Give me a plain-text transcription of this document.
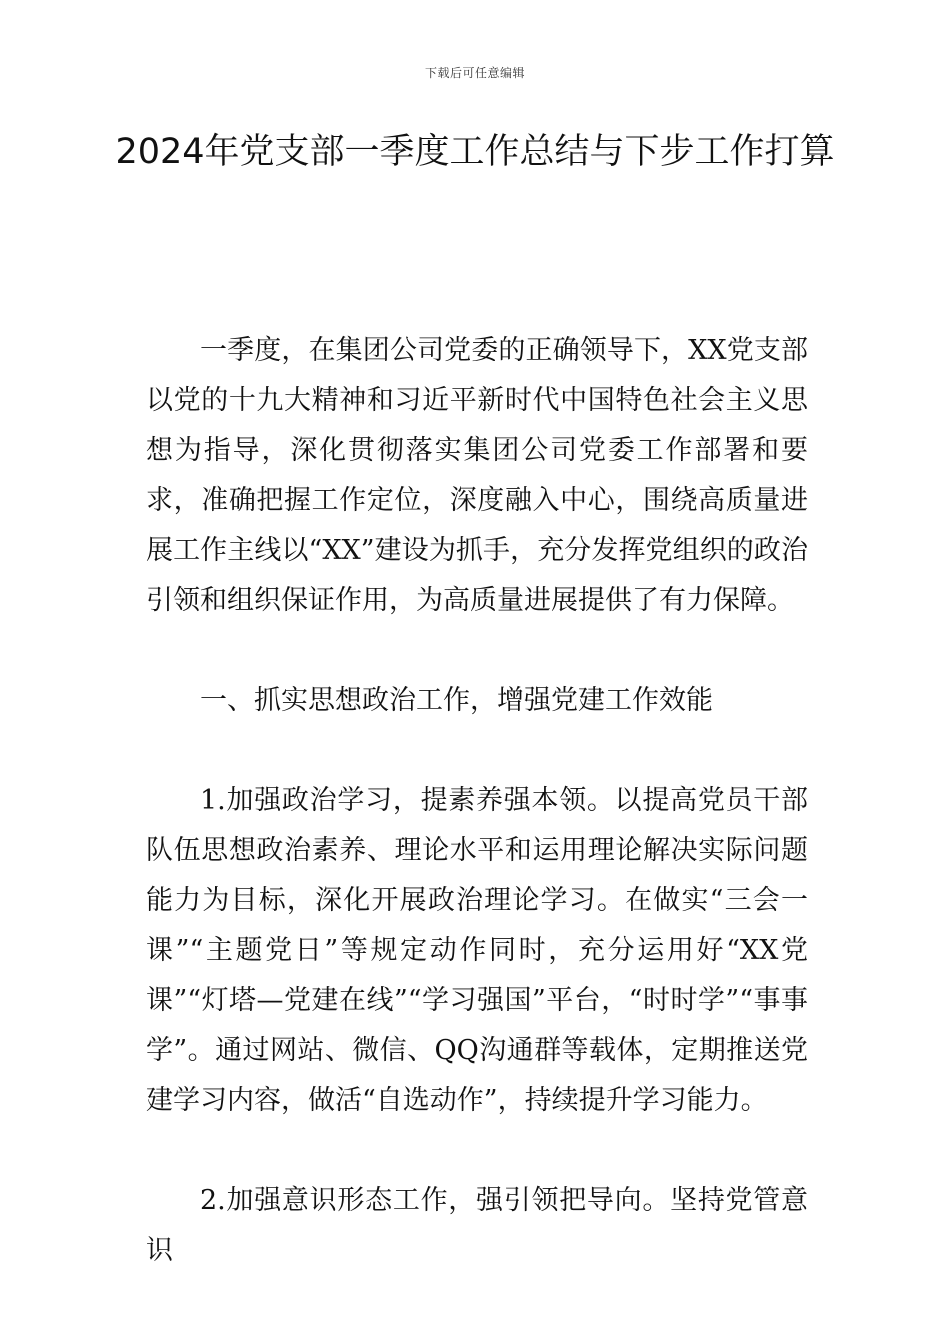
下载后可任意编辑
2024年党支部一季度工作总结与下步工作打算

一季度，在集团公司党委的正确领导下，XX党支部以党的十九大精神和习近平新时代中国特色社会主义思想为指导，深化贯彻落实集团公司党委工作部署和要求，准确把握工作定位，深度融入中心，围绕高质量进展工作主线以“XX”建设为抓手，充分发挥党组织的政治引领和组织保证作用，为高质量进展提供了有力保障。

一、抓实思想政治工作，增强党建工作效能

1.加强政治学习，提素养强本领。以提高党员干部队伍思想政治素养、理论水平和运用理论解决实际问题能力为目标，深化开展政治理论学习。在做实“三会一课”“主题党日”等规定动作同时，充分运用好“XX党课”“灯塔—党建在线”“学习强国”平台，“时时学”“事事学”。通过网站、微信、QQ沟通群等载体，定期推送党建学习内容，做活“自选动作”，持续提升学习能力。

2.加强意识形态工作，强引领把导向。坚持党管意识
